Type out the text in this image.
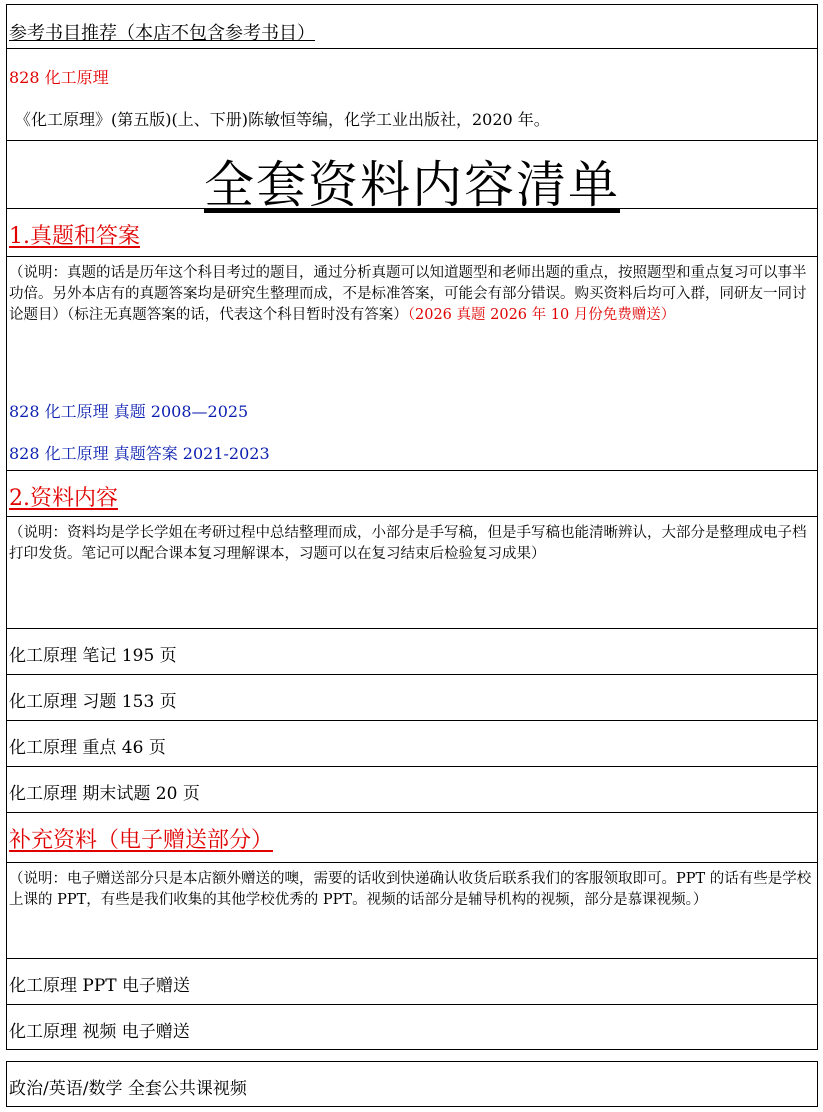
参考书目推荐（本店不包含参考书目）
828 化工原理
《化工原理》(第五版)(上、下册)陈敏恒等编，化学工业出版社，2020 年。
全套资料内容清单
1.真题和答案
（说明：真题的话是历年这个科目考过的题目，通过分析真题可以知道题型和老师出题的重点，按照题型和重点复习可以事半功倍。另外本店有的真题答案均是研究生整理而成，不是标准答案，可能会有部分错误。购买资料后均可入群，同研友一同讨论题目）（标注无真题答案的话，代表这个科目暂时没有答案）（2026 真题 2026 年 10 月份免费赠送）
828 化工原理 真题 2008—2025
828 化工原理 真题答案 2021-2023
2.资料内容
（说明：资料均是学长学姐在考研过程中总结整理而成，小部分是手写稿，但是手写稿也能清晰辨认，大部分是整理成电子档打印发货。笔记可以配合课本复习理解课本，习题可以在复习结束后检验复习成果）
化工原理 笔记 195 页
化工原理 习题 153 页
化工原理 重点 46 页
化工原理 期末试题 20 页
补充资料（电子赠送部分）
（说明：电子赠送部分只是本店额外赠送的噢，需要的话收到快递确认收货后联系我们的客服领取即可。PPT 的话有些是学校上课的 PPT，有些是我们收集的其他学校优秀的 PPT。视频的话部分是辅导机构的视频，部分是慕课视频。）
化工原理 PPT 电子赠送
化工原理 视频 电子赠送
政治/英语/数学 全套公共课视频
